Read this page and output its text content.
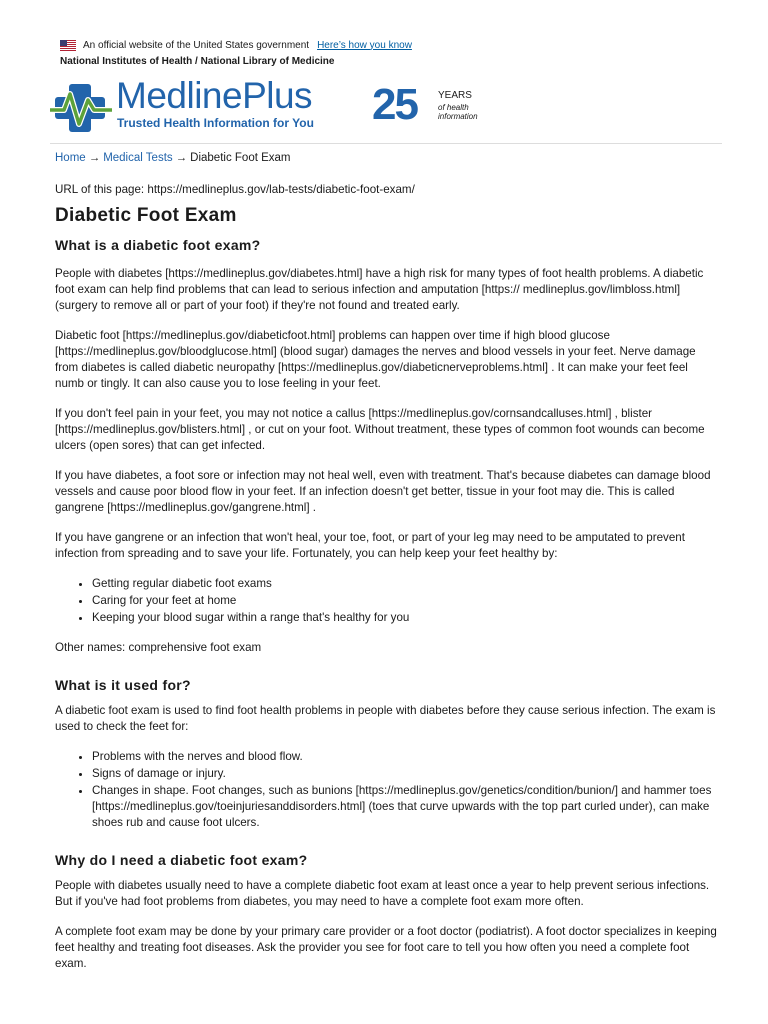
An official website of the United States government Here’s how you know
National Institutes of Health / National Library of Medicine
MedlinePlus
Trusted Health Information for You 25 YEARS
of health information
Home → Medical Tests → Diabetic Foot Exam

URL of this page: https://medlineplus.gov/lab-tests/diabetic-foot-exam/

Diabetic Foot Exam
What is a diabetic foot exam?

People with diabetes [https://medlineplus.gov/diabetes.html] have a high risk for many types of foot health problems. A diabetic foot exam can help find problems that can lead to serious infection and amputation [https:// medlineplus.gov/limbloss.html] (surgery to remove all or part of your foot) if they're not found and treated early.

Diabetic foot [https://medlineplus.gov/diabeticfoot.html] problems can happen over time if high blood glucose [https://medlineplus.gov/bloodglucose.html] (blood sugar) damages the nerves and blood vessels in your feet. Nerve damage from diabetes is called diabetic neuropathy [https://medlineplus.gov/diabeticnerveproblems.html] . It can make your feet feel numb or tingly. It can also cause you to lose feeling in your feet.

If you don't feel pain in your feet, you may not notice a callus [https://medlineplus.gov/cornsandcalluses.html] , blister [https://medlineplus.gov/blisters.html] , or cut on your foot. Without treatment, these types of common foot wounds can become ulcers (open sores) that can get infected.

If you have diabetes, a foot sore or infection may not heal well, even with treatment. That's because diabetes can damage blood vessels and cause poor blood flow in your feet. If an infection doesn't get better, tissue in your foot may die. This is called gangrene [https://medlineplus.gov/gangrene.html] .

If you have gangrene or an infection that won't heal, your toe, foot, or part of your leg may need to be amputated to prevent infection from spreading and to save your life. Fortunately, you can help keep your feet healthy by:

• Getting regular diabetic foot exams
• Caring for your feet at home
• Keeping your blood sugar within a range that's healthy for you

Other names: comprehensive foot exam

What is it used for?

A diabetic foot exam is used to find foot health problems in people with diabetes before they cause serious infection. The exam is used to check the feet for:

• Problems with the nerves and blood flow.
• Signs of damage or injury.
• Changes in shape. Foot changes, such as bunions [https://medlineplus.gov/genetics/condition/bunion/] and hammer toes [https://medlineplus.gov/toeinjuriesanddisorders.html] (toes that curve upwards with the top part curled under), can make shoes rub and cause foot ulcers.
Why do I need a diabetic foot exam?

People with diabetes usually need to have a complete diabetic foot exam at least once a year to help prevent serious infections. But if you've had foot problems from diabetes, you may need to have a complete foot exam more often.

A complete foot exam may be done by your primary care provider or a foot doctor (podiatrist). A foot doctor specializes in keeping feet healthy and treating foot diseases. Ask the provider you see for foot care to tell you how often you need a complete foot exam.
